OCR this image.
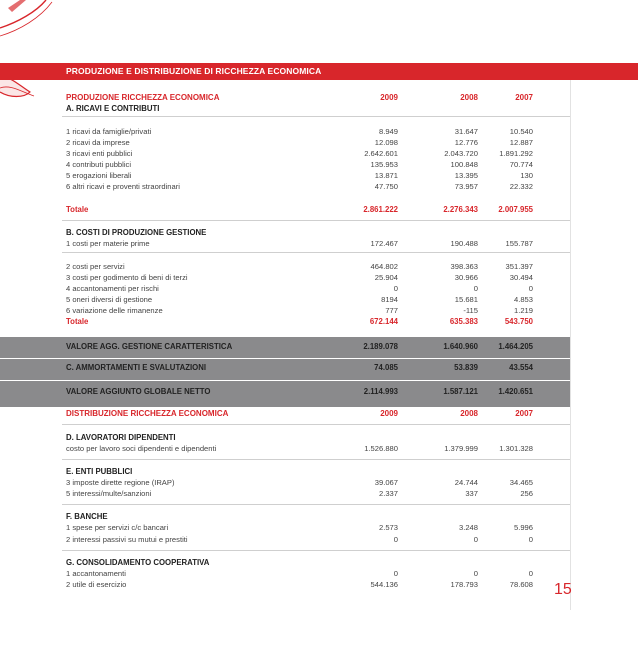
PRODUZIONE E DISTRIBUZIONE DI RICCHEZZA ECONOMICA
PRODUZIONE RICCHEZZA ECONOMICA	2009	2008	2007
A. RICAVI E CONTRIBUTI
1 ricavi da famiglie/privati	8.949	31.647	10.540
2 ricavi da imprese	12.098	12.776	12.887
3 ricavi enti pubblici	2.642.601	2.043.720	1.891.292
4 contributi pubblici	135.953	100.848	70.774
5 erogazioni liberali	13.871	13.395	130
6 altri ricavi e proventi straordinari	47.750	73.957	22.332
Totale	2.861.222	2.276.343	2.007.955
B. COSTI DI PRODUZIONE GESTIONE
1 costi per materie prime	172.467	190.488	155.787
2 costi per servizi	464.802	398.363	351.397
3 costi per godimento di beni di terzi	25.904	30.966	30.494
4 accantonamenti per rischi	0	0	0
5 oneri diversi di gestione	8194	15.681	4.853
6 variazione delle rimanenze	777	-115	1.219
Totale	672.144	635.383	543.750
VALORE AGG. GESTIONE CARATTERISTICA	2.189.078	1.640.960	1.464.205
C. AMMORTAMENTI E SVALUTAZIONI	74.085	53.839	43.554
VALORE AGGIUNTO GLOBALE NETTO	2.114.993	1.587.121	1.420.651
DISTRIBUZIONE RICCHEZZA ECONOMICA	2009	2008	2007
D. LAVORATORI DIPENDENTI
costo per lavoro soci dipendenti e dipendenti	1.526.880	1.379.999	1.301.328
E. ENTI PUBBLICI
3 imposte dirette regione (IRAP)	39.067	24.744	34.465
5 interessi/multe/sanzioni	2.337	337	256
F. BANCHE
1 spese per servizi c/c bancari	2.573	3.248	5.996
2 interessi passivi su mutui e prestiti	0	0	0
G. CONSOLIDAMENTO COOPERATIVA
1 accantonamenti	0	0	0
2 utile di esercizio	544.136	178.793	78.608 15
